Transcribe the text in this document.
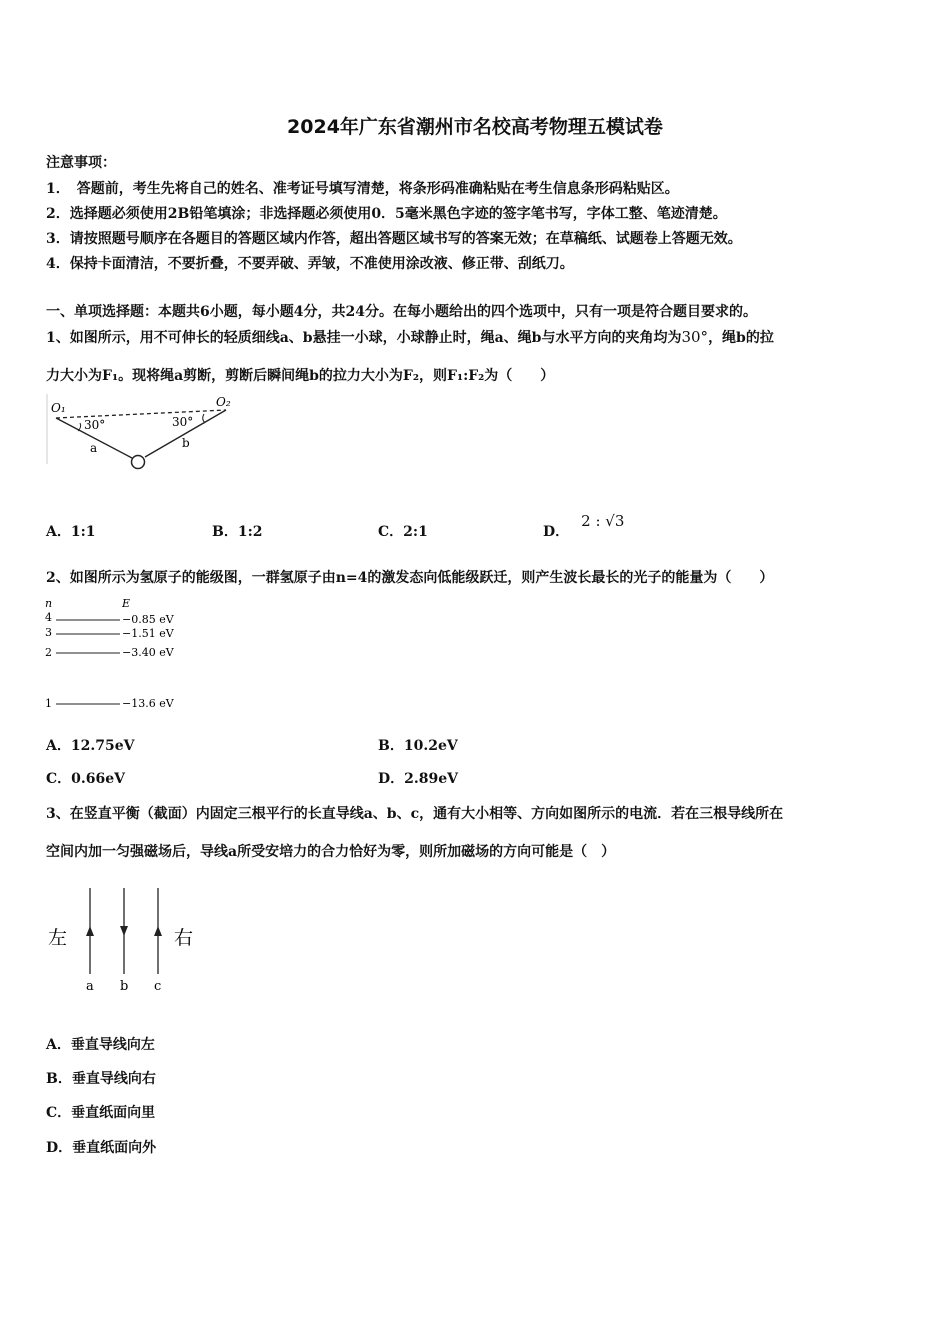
2024年广东省潮州市名校高考物理五模试卷
注意事项：
1．　答题前，考生先将自己的姓名、准考证号填写清楚，将条形码准确粘贴在考生信息条形码粘贴区。
2．选择题必须使用2B铅笔填涂；非选择题必须使用0．5毫米黑色字迹的签字笔书写，字体工整、笔迹清楚。
3．请按照题号顺序在各题目的答题区域内作答，超出答题区域书写的答案无效；在草稿纸、试题卷上答题无效。
4．保持卡面清洁，不要折叠，不要弄破、弄皱，不准使用涂改液、修正带、刮纸刀。
一、单项选择题：本题共6小题，每小题4分，共24分。在每小题给出的四个选项中，只有一项是符合题目要求的。
1、如图所示，用不可伸长的轻质细线a、b悬挂一小球，小球静止时，绳a、绳b与水平方向的夹角均为30°，绳b的拉
力大小为F₁。现将绳a剪断，剪断后瞬间绳b的拉力大小为F₂，则F₁:F₂为（　　）
O₁	O₂
30°	30°
a	b
A．1:1	B．1:2	C．2:1	D．2 : √3
2、如图所示为氢原子的能级图，一群氢原子由n=4的激发态向低能级跃迁，则产生波长最长的光子的能量为（　　）
n	E
4	−0.85 eV
3	−1.51 eV
2	−3.40 eV
1	−13.6 eV
A．12.75eV	B．10.2eV
C．0.66eV	D．2.89eV
3、在竖直平衡（截面）内固定三根平行的长直导线a、b、c，通有大小相等、方向如图所示的电流．若在三根导线所在
空间内加一匀强磁场后，导线a所受安培力的合力恰好为零，则所加磁场的方向可能是（　）
左	右
a b c
A．垂直导线向左
B．垂直导线向右
C．垂直纸面向里
D．垂直纸面向外
